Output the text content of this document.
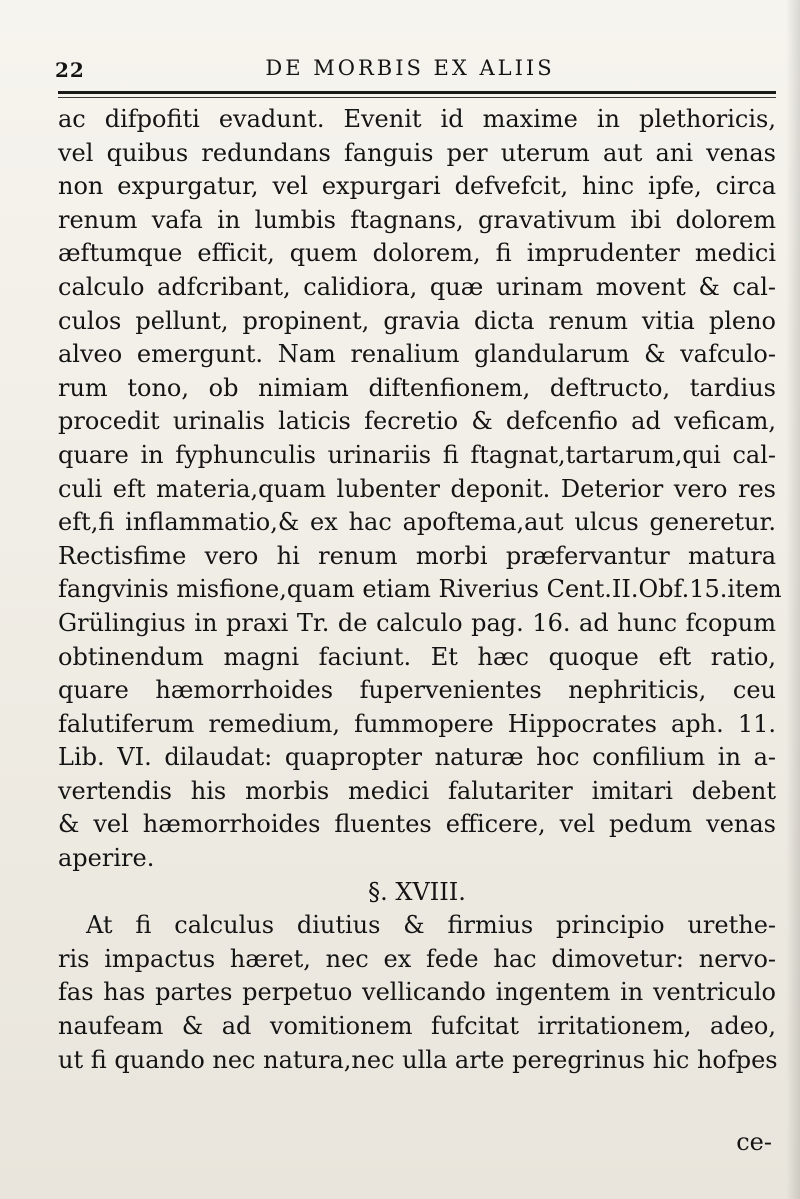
22	DE MORBIS EX ALIIS
ac difpofiti evadunt. Evenit id maxime in plethoricis,
vel quibus redundans fanguis per uterum aut ani venas
non expurgatur, vel expurgari defvefcit, hinc ipfe, circa
renum vafa in lumbis ftagnans, gravativum ibi dolorem
æftumque efficit, quem dolorem, fi imprudenter medici
calculo adfcribant, calidiora, quæ urinam movent & cal-
culos pellunt, propinent, gravia dicta renum vitia pleno
alveo emergunt. Nam renalium glandularum & vafculo-
rum tono, ob nimiam diftenfionem, deftructo, tardius
procedit urinalis laticis fecretio & defcenfio ad veficam,
quare in fyphunculis urinariis fi ftagnat,tartarum,qui cal-
culi eft materia,quam lubenter deponit. Deterior vero res
eft,fi inflammatio,& ex hac apoftema,aut ulcus generetur.
Rectisfime vero hi renum morbi præfervantur matura
fangvinis misfione,quam etiam Riverius Cent.II.Obf.15.item
Grülingius in praxi Tr. de calculo pag. 16. ad hunc fcopum
obtinendum magni faciunt. Et hæc quoque eft ratio,
quare hæmorrhoides fupervenientes nephriticis, ceu
falutiferum remedium, fummopere Hippocrates aph. 11.
Lib. VI. dilaudat: quapropter naturæ hoc confilium in a-
vertendis his morbis medici falutariter imitari debent
& vel hæmorrhoides fluentes efficere, vel pedum venas
aperire.
§. XVIII.
At fi calculus diutius & firmius principio urethe-
ris impactus hæret, nec ex fede hac dimovetur: nervo-
fas has partes perpetuo vellicando ingentem in ventriculo
naufeam & ad vomitionem fufcitat irritationem, adeo,
ut fi quando nec natura,nec ulla arte peregrinus hic hofpes
ce-
